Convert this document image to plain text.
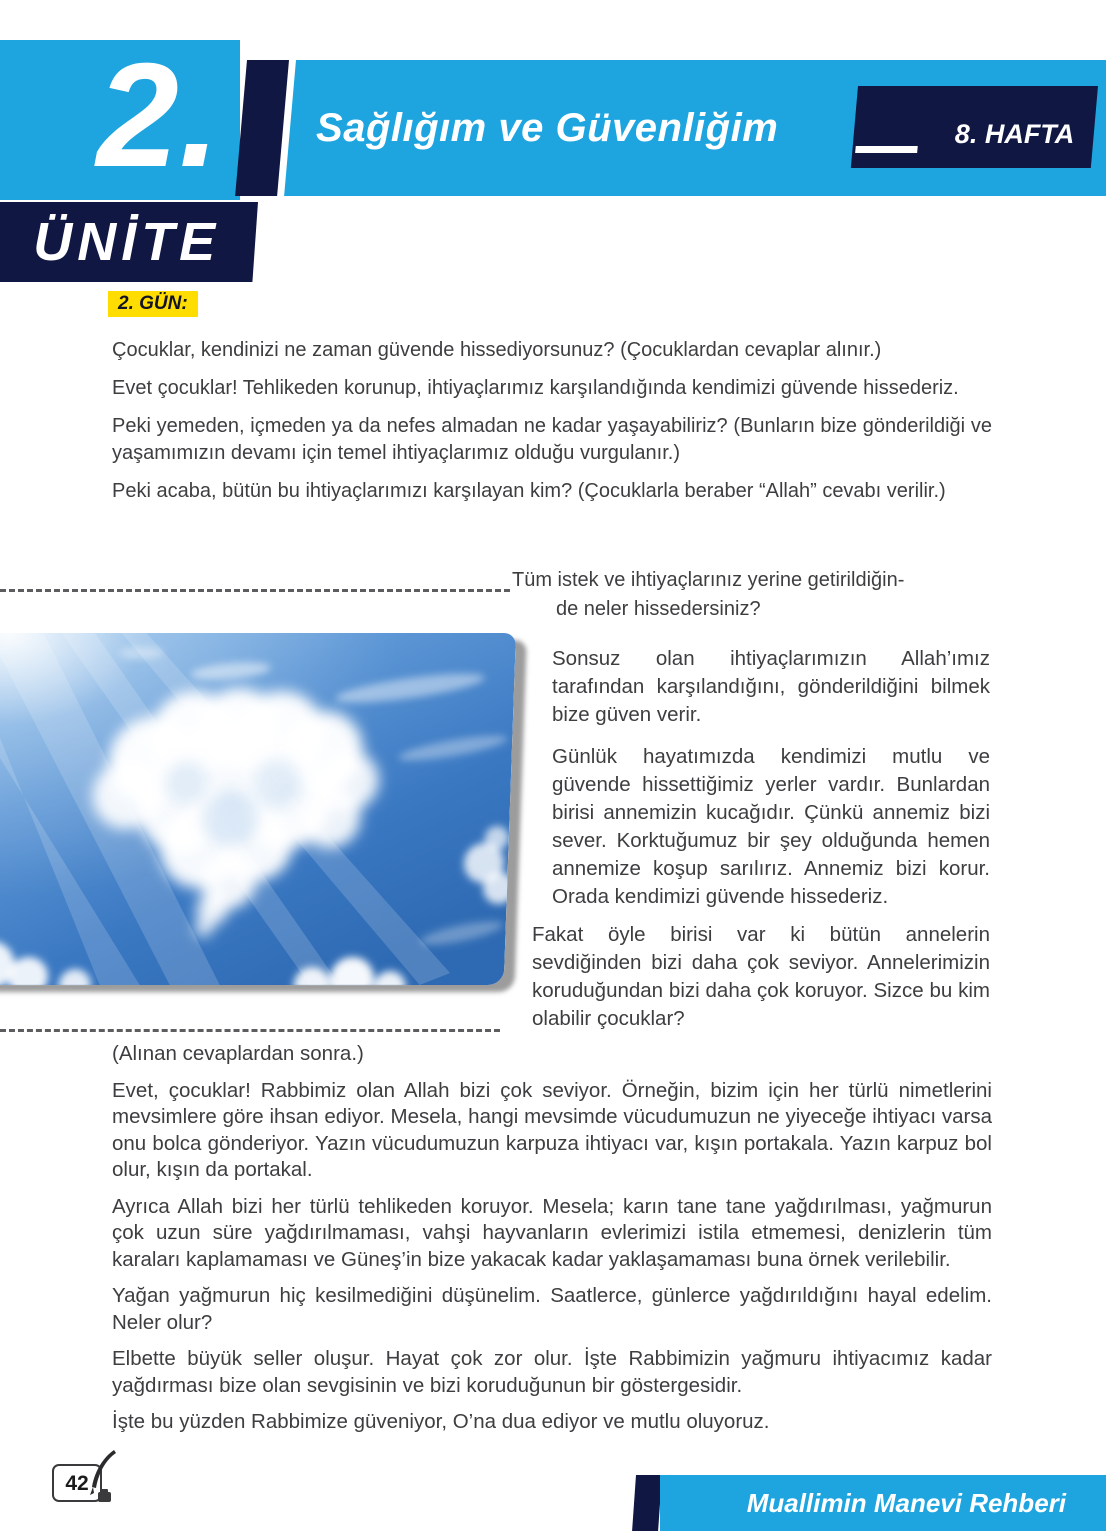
2.
ÜNİTE
Sağlığım ve Güvenliğim	8. HAFTA
2. GÜN:

Çocuklar, kendinizi ne zaman güvende hissediyorsunuz? (Çocuklardan cevaplar alınır.)

Evet çocuklar! Tehlikeden korunup, ihtiyaçlarımız karşılandığında kendimizi güvende hissederiz.

Peki yemeden, içmeden ya da nefes almadan ne kadar yaşayabiliriz? (Bunların bize gönderildiği ve yaşamımızın devamı için temel ihtiyaçlarımız olduğu vurgulanır.)

Peki acaba, bütün bu ihtiyaçlarımızı karşılayan kim? (Çocuklarla beraber “Allah” cevabı verilir.)

Tüm istek ve ihtiyaçlarınız yerine getirildiğin-
de neler hissedersiniz?

Sonsuz olan ihtiyaçlarımızın Allah’ımız tarafından karşılandığını, gönderildiğini bilmek bize güven verir.

Günlük hayatımızda kendimizi mutlu ve güvende hissettiğimiz yerler vardır. Bunlardan birisi annemizin kucağıdır. Çünkü annemiz bizi sever. Korktuğumuz bir şey olduğunda hemen annemize koşup sarılırız. Annemiz bizi korur. Orada kendimizi güvende hissederiz.

Fakat öyle birisi var ki bütün annelerin sevdiğinden bizi daha çok seviyor. Annelerimizin koruduğundan bizi daha çok koruyor. Sizce bu kim olabilir çocuklar?

(Alınan cevaplardan sonra.)

Evet, çocuklar! Rabbimiz olan Allah bizi çok seviyor. Örneğin, bizim için her türlü nimetlerini mevsimlere göre ihsan ediyor. Mesela, hangi mevsimde vücudumuzun ne yiyeceğe ihtiyacı varsa onu bolca gönderiyor. Yazın vücudumuzun karpuza ihtiyacı var, kışın portakala. Yazın karpuz bol olur, kışın da portakal.

Ayrıca Allah bizi her türlü tehlikeden koruyor. Mesela; karın tane tane yağdırılması, yağmurun çok uzun süre yağdırılmaması, vahşi hayvanların evlerimizi istila etmemesi, denizlerin tüm karaları kaplamaması ve Güneş’in bize yakacak kadar yaklaşamaması buna örnek verilebilir.

Yağan yağmurun hiç kesilmediğini düşünelim. Saatlerce, günlerce yağdırıldığını hayal edelim. Neler olur?

Elbette büyük seller oluşur. Hayat çok zor olur. İşte Rabbimizin yağmuru ihtiyacımız kadar yağdırması bize olan sevgisinin ve bizi koruduğunun bir göstergesidir.

İşte bu yüzden Rabbimize güveniyor, O’na dua ediyor ve mutlu oluyoruz.

42
Muallimin Manevi Rehberi
